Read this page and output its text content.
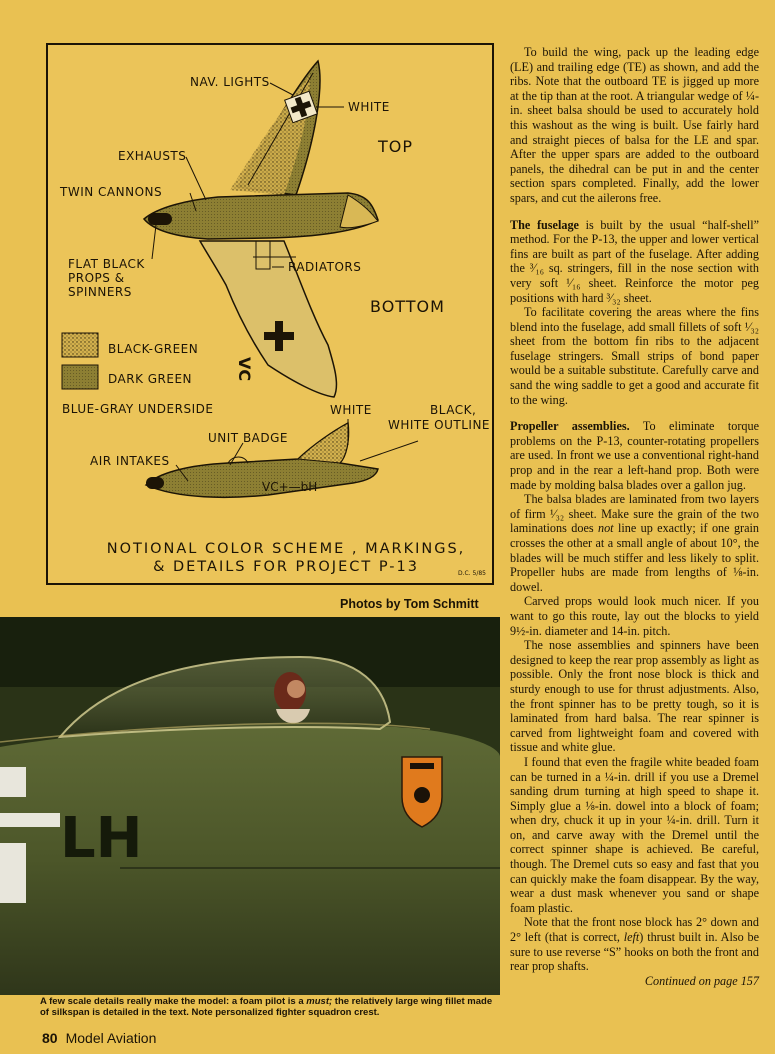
VC
VC+—bH
NAV. LIGHTS
WHITE
TOP
EXHAUSTS
TWIN CANNONS
FLAT BLACK
PROPS &
SPINNERS
RADIATORS
BOTTOM
BLACK-GREEN
DARK GREEN
BLUE-GRAY UNDERSIDE	WHITE	BLACK,
WHITE OUTLINE
UNIT BADGE
AIR INTAKES
NOTIONAL COLOR SCHEME , MARKINGS,
& DETAILS FOR PROJECT P-13	D.C. 5/85
Photos by Tom Schmitt
LH
A few scale details really make the model: a foam pilot is a must; the relatively large wing fillet made of silkspan is detailed in the text. Note personalized fighter squadron crest.

To build the wing, pack up the leading edge (LE) and trailing edge (TE) as shown, and add the ribs. Note that the outboard TE is jigged up more at the tip than at the root. A triangular wedge of ¼-in. sheet balsa should be used to accurately hold this washout as the wing is built. Use fairly hard and straight pieces of balsa for the LE and spar. After the upper spars are added to the outboard panels, the dihedral can be put in and the center section spars completed. Finally, add the lower spars, and cut the ailerons free.

The fuselage is built by the usual “half-shell” method. For the P-13, the upper and lower vertical fins are built as part of the fuselage. After adding the ³⁄₁₆ sq. stringers, fill in the nose section with very soft ¹⁄₁₆ sheet. Reinforce the motor peg positions with hard ³⁄₃₂ sheet.

To facilitate covering the areas where the fins blend into the fuselage, add small fillets of soft ¹⁄₃₂ sheet from the bottom fin ribs to the adjacent fuselage stringers. Small strips of bond paper would be a suitable substitute. Carefully carve and sand the wing saddle to get a good and accurate fit to the wing.

Propeller assemblies. To eliminate torque problems on the P-13, counter-rotating propellers are used. In front we use a conventional right-hand prop and in the rear a left-hand prop. Both were made by molding balsa blades over a gallon jug.

The balsa blades are laminated from two layers of firm ¹⁄₃₂ sheet. Make sure the grain of the two laminations does not line up exactly; if one grain crosses the other at a small angle of about 10°, the blades will be much stiffer and less likely to split. Propeller hubs are made from lengths of ⅛-in. dowel.

Carved props would look much nicer. If you want to go this route, lay out the blocks to yield 9½-in. diameter and 14-in. pitch.

The nose assemblies and spinners have been designed to keep the rear prop assembly as light as possible. Only the front nose block is thick and sturdy enough to use for thrust adjustments. Also, the front spinner has to be pretty tough, so it is laminated from hard balsa. The rear spinner is carved from lightweight foam and covered with tissue and white glue.

I found that even the fragile white beaded foam can be turned in a ¼-in. drill if you use a Dremel sanding drum turning at high speed to shape it. Simply glue a ⅛-in. dowel into a block of foam; when dry, chuck it up in your ¼-in. drill. Turn it on, and carve away with the Dremel until the correct spinner shape is achieved. Be careful, though. The Dremel cuts so easy and fast that you can quickly make the foam disappear. By the way, wear a dust mask whenever you sand or shape foam plastic.

Note that the front nose block has 2° down and 2° left (that is correct, left) thrust built in. Also be sure to use reverse “S” hooks on both the front and rear prop shafts.
Continued on page 157

80 Model Aviation
